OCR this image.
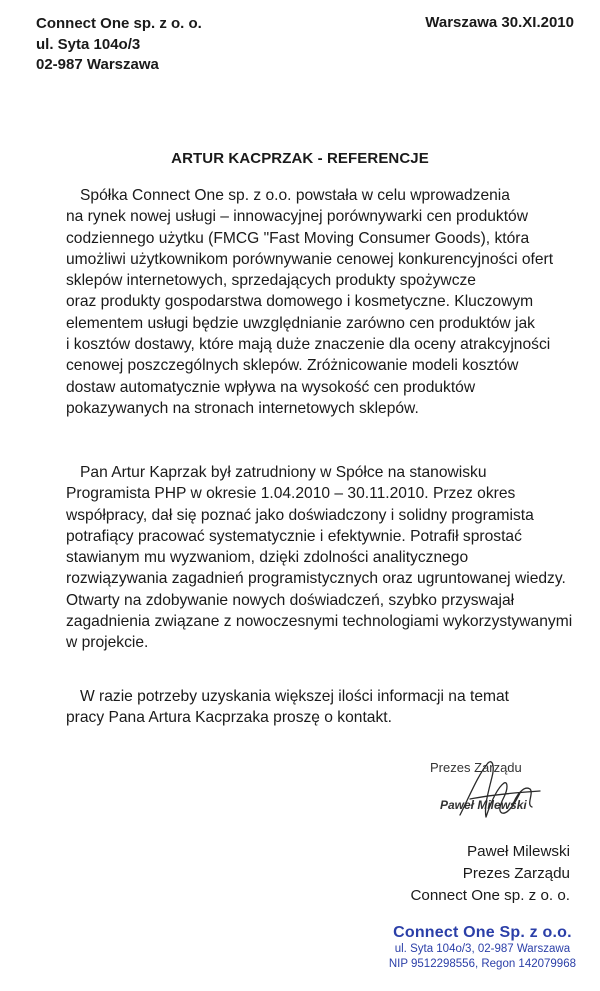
Connect One sp. z o. o.
ul. Syta 104o/3
02-987 Warszawa
Warszawa 30.XI.2010
ARTUR KACPRZAK - REFERENCJE
Spółka Connect One sp. z o.o. powstała w celu wprowadzenia
na rynek nowej usługi – innowacyjnej porównywarki cen produktów
codziennego użytku (FMCG "Fast Moving Consumer Goods), która
umożliwi użytkownikom porównywanie cenowej konkurencyjności ofert
sklepów internetowych, sprzedających produkty spożywcze
oraz produkty gospodarstwa domowego i kosmetyczne. Kluczowym
elementem usługi będzie uwzględnianie zarówno cen produktów jak
i kosztów dostawy, które mają duże znaczenie dla oceny atrakcyjności
cenowej poszczególnych sklepów. Zróżnicowanie modeli kosztów
dostaw automatycznie wpływa na wysokość cen produktów
pokazywanych na stronach internetowych sklepów.
Pan Artur Kaprzak był zatrudniony w Spółce na stanowisku
Programista PHP w okresie 1.04.2010 – 30.11.2010. Przez okres
współpracy, dał się poznać jako doświadczony i solidny programista
potrafiący pracować systematycznie i efektywnie. Potrafił sprostać
stawianym mu wyzwaniom, dzięki zdolności analitycznego
rozwiązywania zagadnień programistycznych oraz ugruntowanej wiedzy.
Otwarty na zdobywanie nowych doświadczeń, szybko przyswajał
zagadnienia związane z nowoczesnymi technologiami wykorzystywanymi
w projekcie.
W razie potrzeby uzyskania większej ilości informacji na temat
pracy Pana Artura Kacprzaka proszę o kontakt.
Prezes Zarządu
Paweł Milewski
Paweł Milewski
Prezes Zarządu
Connect One sp. z o. o.
Connect One Sp. z o.o.
ul. Syta 104o/3, 02-987 Warszawa
NIP 9512298556, Regon 142079968
